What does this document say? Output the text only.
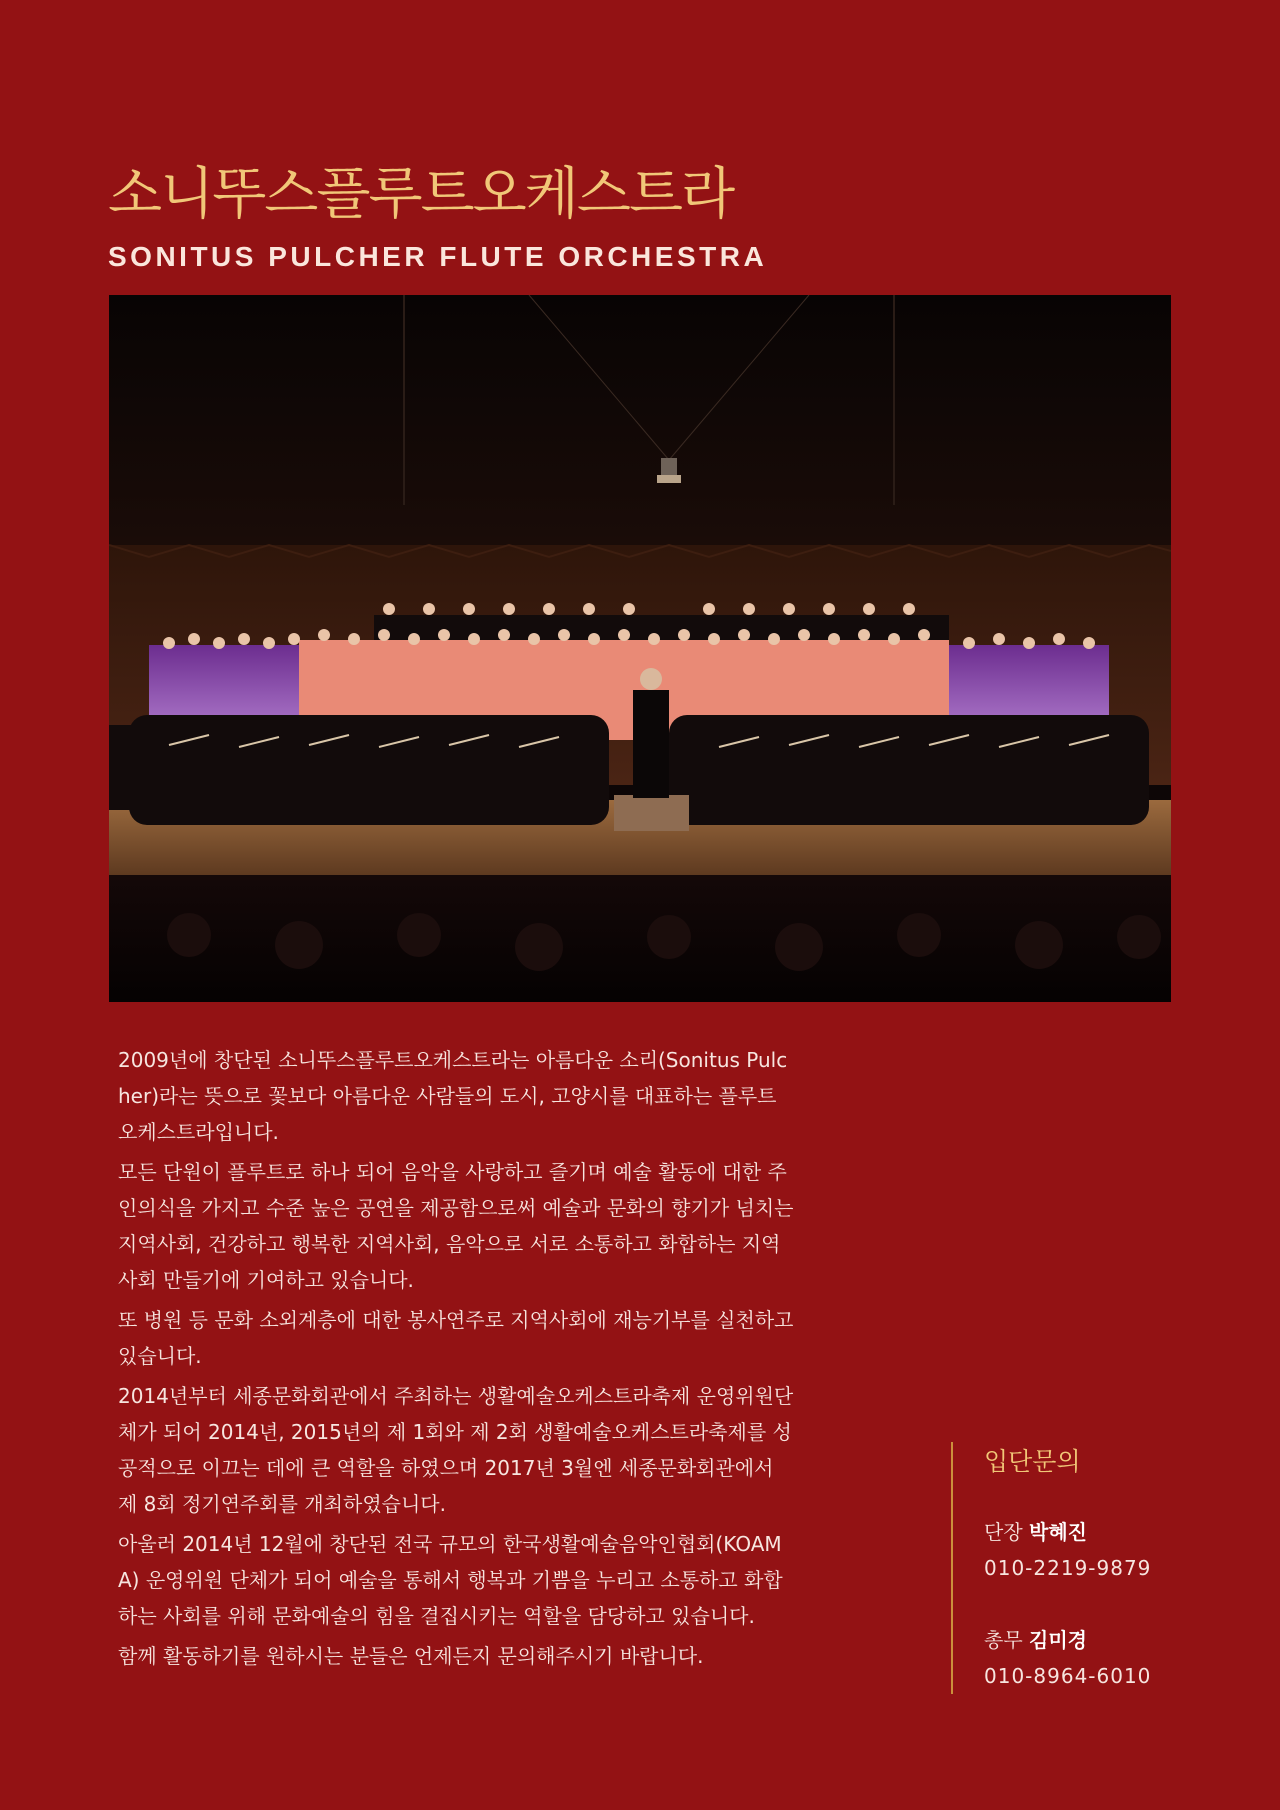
소니뚜스플루트오케스트라
SONITUS PULCHER FLUTE ORCHESTRA

2009년에 창단된 소니뚜스플루트오케스트라는 아름다운 소리(Sonitus Pulcher)라는 뜻으로 꽃보다 아름다운 사람들의 도시, 고양시를 대표하는 플루트 오케스트라입니다.

모든 단원이 플루트로 하나 되어 음악을 사랑하고 즐기며 예술 활동에 대한 주인의식을 가지고 수준 높은 공연을 제공함으로써 예술과 문화의 향기가 넘치는 지역사회, 건강하고 행복한 지역사회, 음악으로 서로 소통하고 화합하는 지역사회 만들기에 기여하고 있습니다.

또 병원 등 문화 소외계층에 대한 봉사연주로 지역사회에 재능기부를 실천하고 있습니다.

2014년부터 세종문화회관에서 주최하는 생활예술오케스트라축제 운영위원단체가 되어 2014년, 2015년의 제 1회와 제 2회 생활예술오케스트라축제를 성공적으로 이끄는 데에 큰 역할을 하였으며 2017년 3월엔 세종문화회관에서 제 8회 정기연주회를 개최하였습니다.

아울러 2014년 12월에 창단된 전국 규모의 한국생활예술음악인협회(KOAMA) 운영위원 단체가 되어 예술을 통해서 행복과 기쁨을 누리고 소통하고 화합하는 사회를 위해 문화예술의 힘을 결집시키는 역할을 담당하고 있습니다.

함께 활동하기를 원하시는 분들은 언제든지 문의해주시기 바랍니다.

입단문의
단장 박혜진
010-2219-9879
총무 김미경
010-8964-6010
